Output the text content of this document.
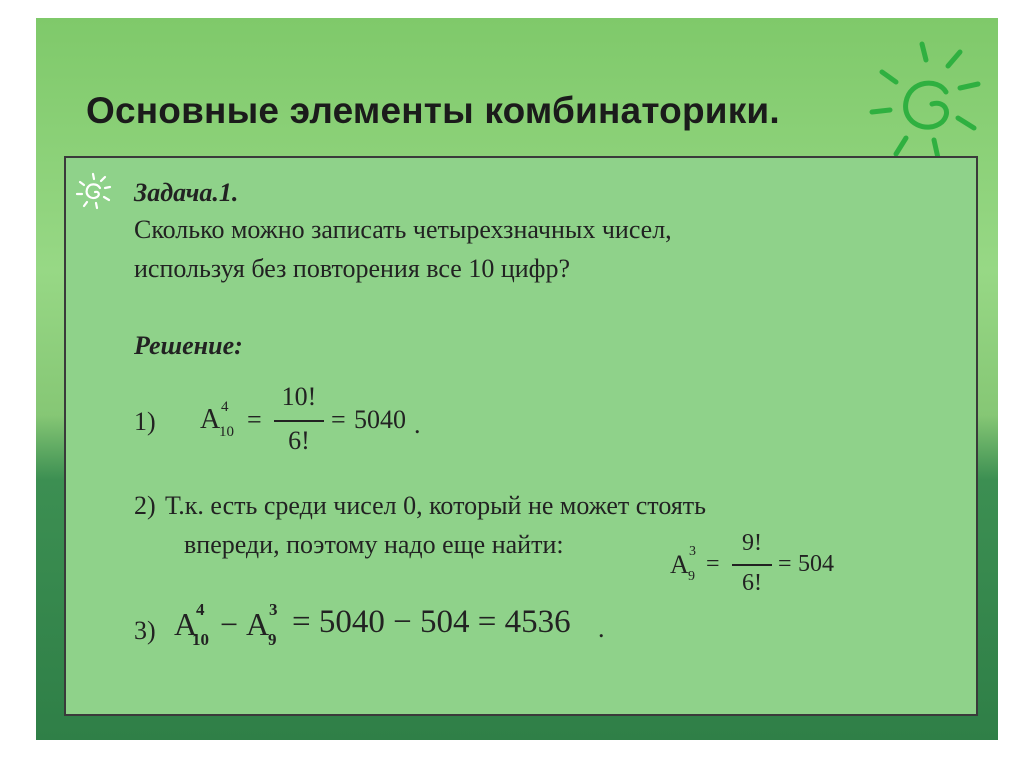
Основные элементы комбинаторики.
Задача.1.
Сколько можно записать четырехзначных чисел,
используя без повторения все 10 цифр?
Решение:
1) A 4
10 =
10!
6!
= 5040 .
2) Т.к. есть среди чисел 0, который не может стоять
впереди, поэтому надо еще найти:
A 3
9 =
9!
6!
= 504
3) A
4
10 − A 3
9 = 5040 − 504 = 4536 .
